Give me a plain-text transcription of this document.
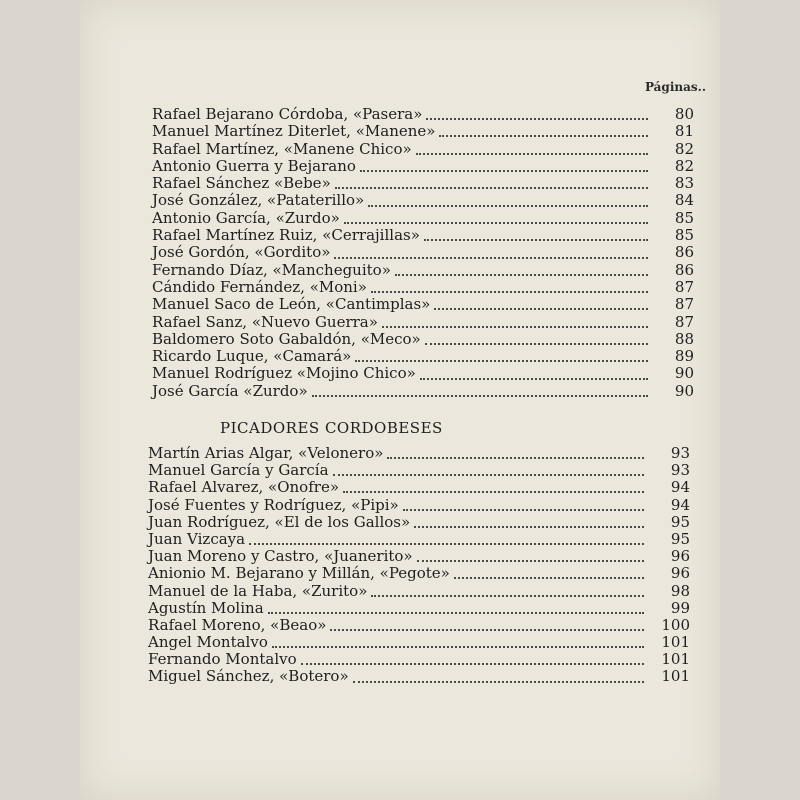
Páginas..
Rafael Bejarano Córdoba, «Pasera»	80
Manuel Martínez Diterlet, «Manene»	81
Rafael Martínez, «Manene Chico»	82
Antonio Guerra y Bejarano	82
Rafael Sánchez «Bebe»	83
José González, «Pataterillo»	84
Antonio García, «Zurdo»	85
Rafael Martínez Ruiz, «Cerrajillas»	85
José Gordón, «Gordito»	86
Fernando Díaz, «Mancheguito»	86
Cándido Fernández, «Moni»	87
Manuel Saco de León, «Cantimplas»	87
Rafael Sanz, «Nuevo Guerra»	87
Baldomero Soto Gabaldón, «Meco»	88
Ricardo Luque, «Camará»	89
Manuel Rodríguez «Mojino Chico»	90
José García «Zurdo»	90
PICADORES CORDOBESES
Martín Arias Algar, «Velonero»	93
Manuel García y García	93
Rafael Alvarez, «Onofre»	94
José Fuentes y Rodríguez, «Pipi»	94
Juan Rodríguez, «El de los Gallos»	95
Juan Vizcaya	95
Juan Moreno y Castro, «Juanerito»	96
Anionio M. Bejarano y Millán, «Pegote»	96
Manuel de la Haba, «Zurito»	98
Agustín Molina	99
Rafael Moreno, «Beao»	100
Angel Montalvo	101
Fernando Montalvo	101
Miguel Sánchez, «Botero»	101
